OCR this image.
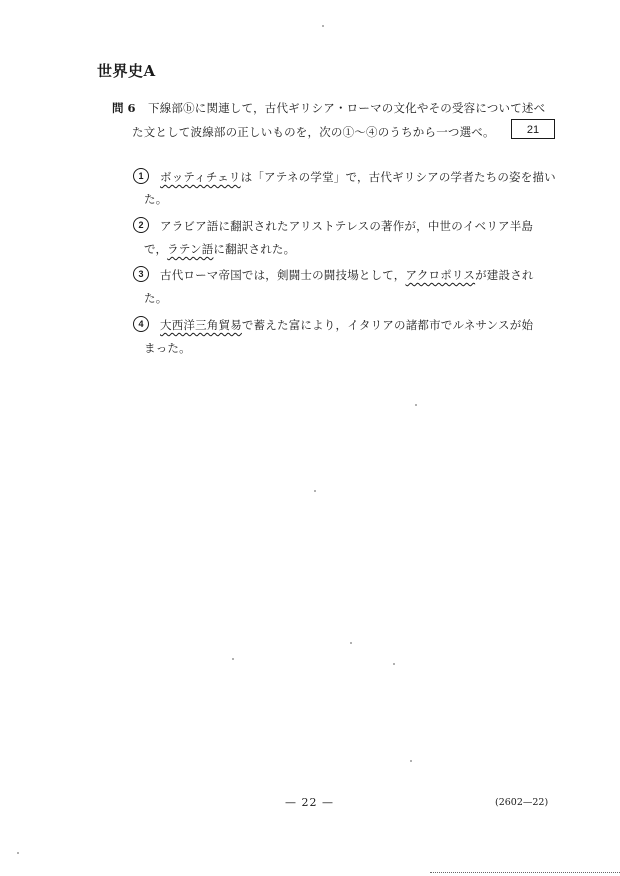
世界史A
問 6 下線部ⓑに関連して，古代ギリシア・ローマの文化やその受容について述べ
た文として波線部の正しいものを，次の①～④のうちから一つ選べ。	21
1	ボッティチェリは「アテネの学堂」で，古代ギリシアの学者たちの姿を描い
た。
2	アラビア語に翻訳されたアリストテレスの著作が，中世のイベリア半島
で，ラテン語に翻訳された。
3	古代ローマ帝国では，剣闘士の闘技場として，アクロポリスが建設され
た。
4	大西洋三角貿易で蓄えた富により，イタリアの諸都市でルネサンスが始
まった。
— 22 —	(2602—22)
